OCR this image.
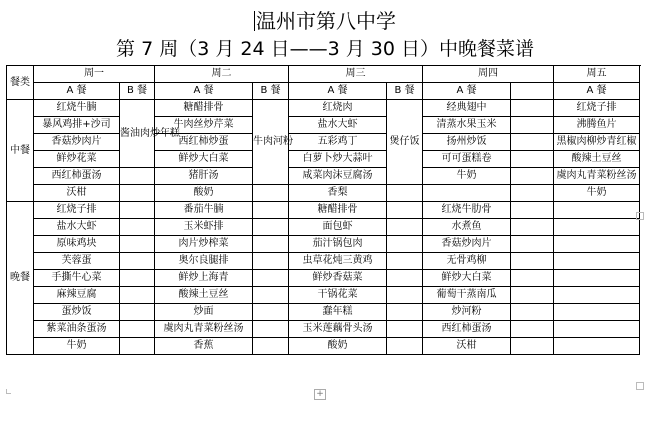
温州市第八中学
第 7 周（3 月 24 日——3 月 30 日）中晚餐菜谱
餐类	周一		周二		周三		周四		周五	
	A 餐	B 餐	A 餐	B 餐	A 餐	B 餐	A 餐		A 餐	
中餐	红烧牛腩	酱油肉炒年糕	糖醋排骨	牛肉河粉	红烧肉	煲仔饭	经典翅中		红烧子排	
	暴风鸡排+沙司		牛肉丝炒芹菜		盐水大虾		清蒸水果玉米		沸腾鱼片	
	香菇炒肉片		西红柿炒蛋		五彩鸡丁		扬州炒饭		黑椒肉柳炒青红椒	
	鲜炒花菜		鲜炒大白菜		白萝卜炒大蒜叶		可可蛋糕卷		酸辣土豆丝	
	西红柿蛋汤		猪肝汤		咸菜肉沫豆腐汤		牛奶		虞肉丸青菜粉丝汤	
	沃柑		酸奶		香梨				牛奶	
晚餐	红烧子排		番茄牛腩		糖醋排骨		红烧牛肋骨			
	盐水大虾		玉米虾排		面包虾		水煮鱼			
	原味鸡块		肉片炒榨菜		茄汁锅包肉		香菇炒肉片			
	芙蓉蛋		奥尔良腿排		虫草花炖三黄鸡		无骨鸡柳			
	手撕牛心菜		鲜炒上海青		鲜炒香菇菜		鲜炒大白菜			
	麻辣豆腐		酸辣土豆丝		干锅花菜		葡萄干蒸南瓜			
	蛋炒饭		炒面		蠢年糕		炒河粉			
	紫菜油条蛋汤		虞肉丸青菜粉丝汤		玉米莲藕骨头汤		西红柿蛋汤			
	牛奶		香蕉		酸奶		沃柑			
+
